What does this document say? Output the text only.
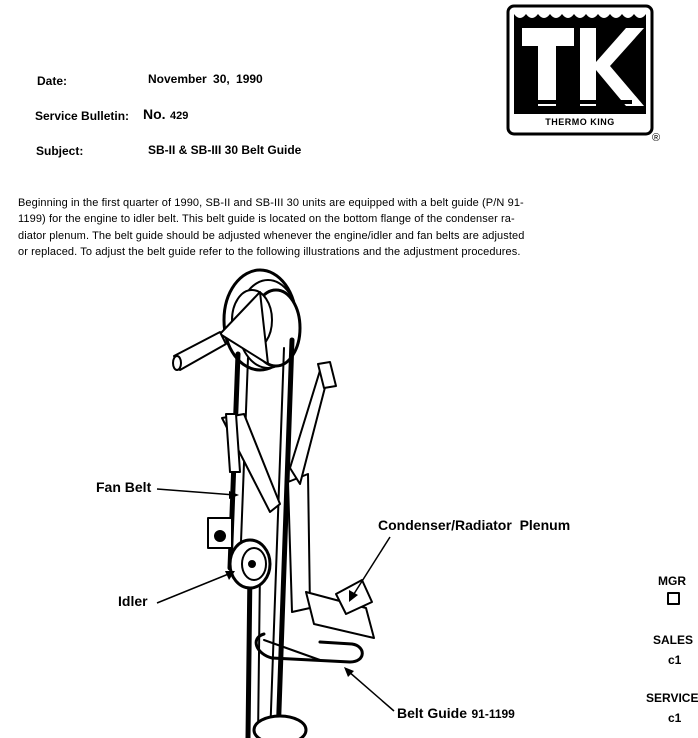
Date:	November 30, 1990
Service Bulletin: No. 429
Subject:	SB-II & SB-III 30 Belt Guide
THERMO KING
®
Beginning in the first quarter of 1990, SB-II and SB-III 30 units are equipped with a belt guide (P/N 91-
1199) for the engine to idler belt. This belt guide is located on the bottom flange of the condenser ra-
diator plenum. The belt guide should be adjusted whenever the engine/idler and fan belts are adjusted
or replaced. To adjust the belt guide refer to the following illustrations and the adjustment procedures.
Fan Belt
Idler
Condenser/Radiator  Plenum
Belt Guide 91-1199
MGR
SALES
c1
SERVICE
c1
